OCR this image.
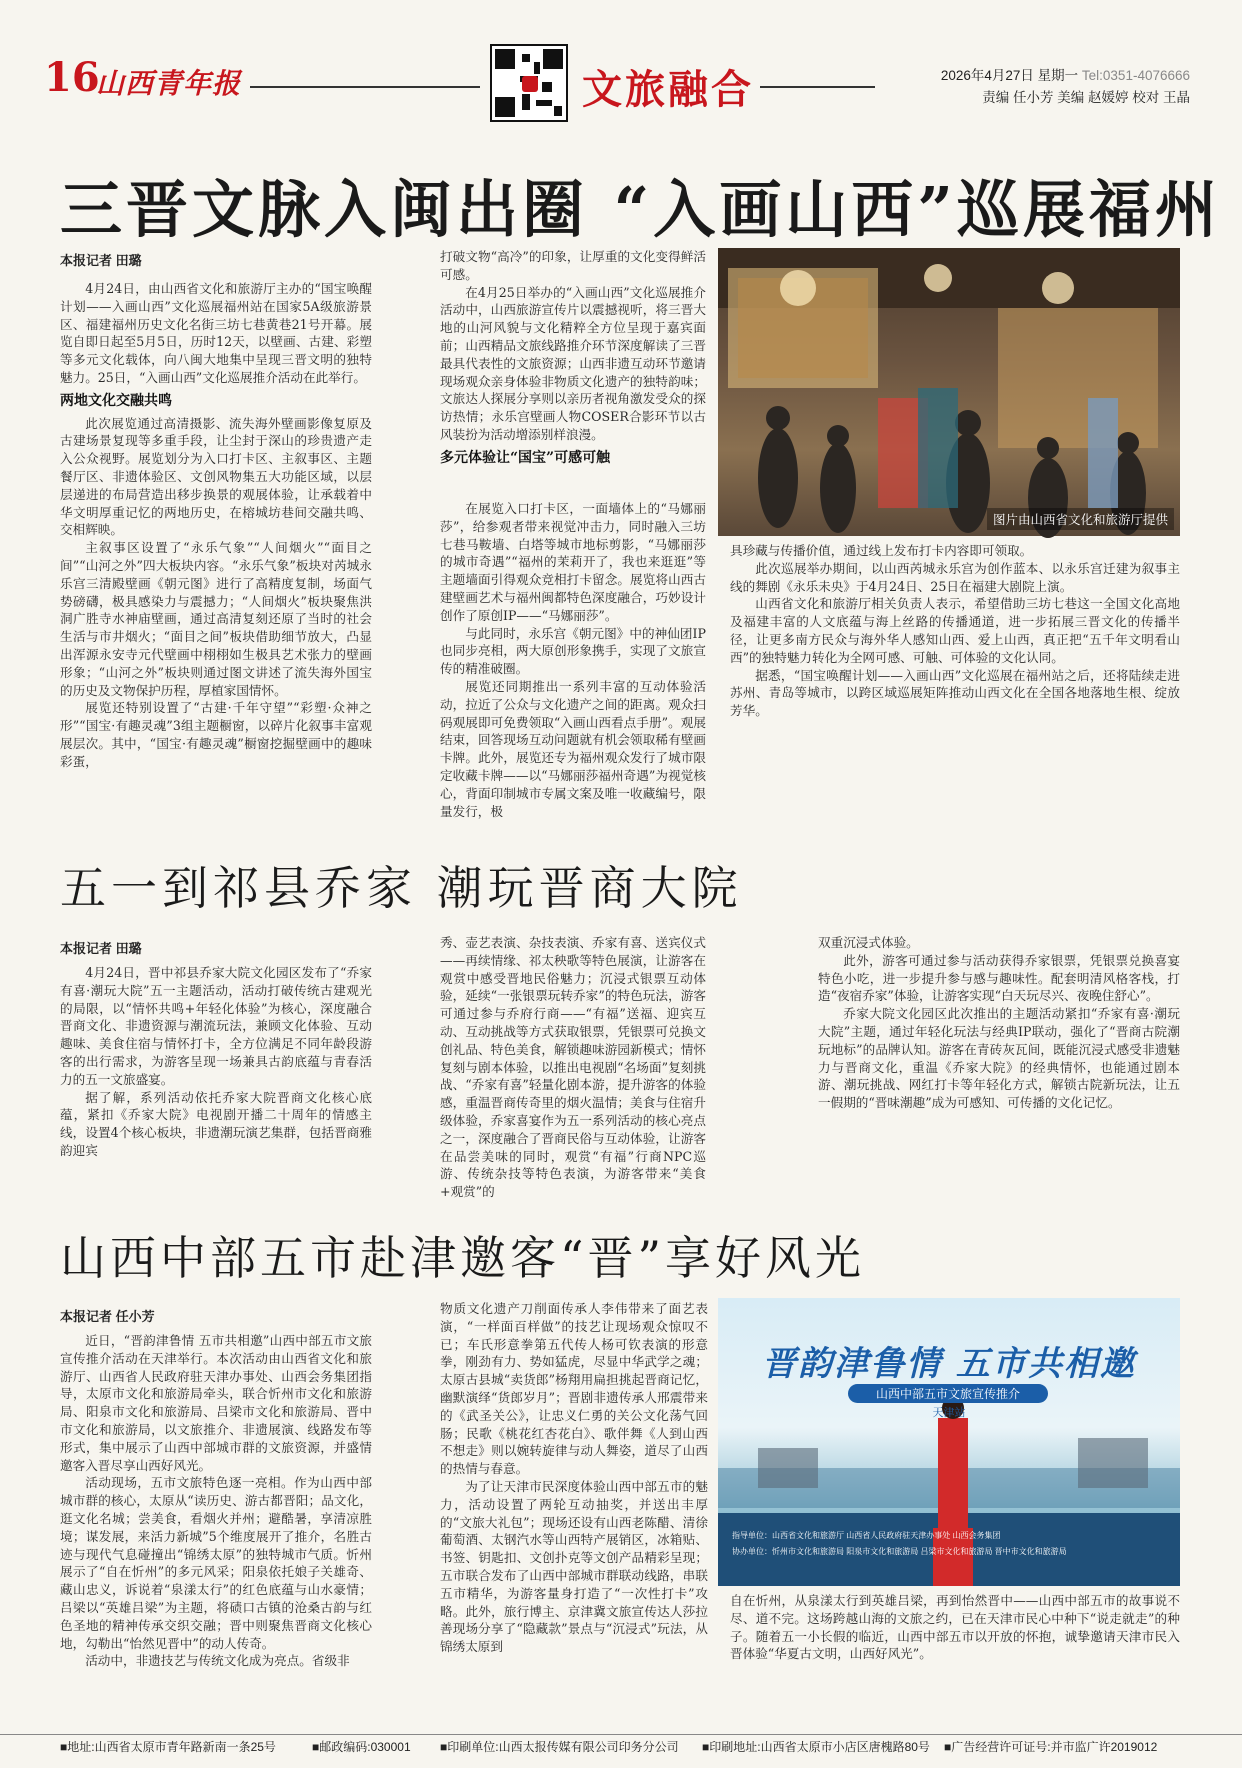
16
山西青年报	文旅融合	2026年4月27日 星期一 Tel:0351-4076666
责编 任小芳 美编 赵媛婷 校对 王晶
三晋文脉入闽出圈 “入画山西”巡展福州
本报记者 田璐

4月24日，由山西省文化和旅游厅主办的“国宝唤醒计划——入画山西”文化巡展福州站在国家5A级旅游景区、福建福州历史文化名街三坊七巷黄巷21号开幕。展览自即日起至5月5日，历时12天，以壁画、古建、彩塑等多元文化载体，向八闽大地集中呈现三晋文明的独特魅力。25日，“入画山西”文化巡展推介活动在此举行。

两地文化交融共鸣

此次展览通过高清摄影、流失海外壁画影像复原及古建场景复现等多重手段，让尘封于深山的珍贵遗产走入公众视野。展览划分为入口打卡区、主叙事区、主题餐厅区、非遗体验区、文创风物集五大功能区域，以层层递进的布局营造出移步换景的观展体验，让承载着中华文明厚重记忆的两地历史，在榕城坊巷间交融共鸣、交相辉映。

主叙事区设置了“永乐气象”“人间烟火”“面目之间”“山河之外”四大板块内容。“永乐气象”板块对芮城永乐宫三清殿壁画《朝元图》进行了高精度复制，场面气势磅礴，极具感染力与震撼力；“人间烟火”板块聚焦洪洞广胜寺水神庙壁画，通过高清复刻还原了当时的社会生活与市井烟火；“面目之间”板块借助细节放大，凸显出浑源永安寺元代壁画中栩栩如生极具艺术张力的壁画形象；“山河之外”板块则通过图文讲述了流失海外国宝的历史及文物保护历程，厚植家国情怀。

展览还特别设置了“古建·千年守望”“彩塑·众神之形”“国宝·有趣灵魂”3组主题橱窗，以碎片化叙事丰富观展层次。其中，“国宝·有趣灵魂”橱窗挖掘壁画中的趣味彩蛋，

打破文物“高冷”的印象，让厚重的文化变得鲜活可感。

在4月25日举办的“入画山西”文化巡展推介活动中，山西旅游宣传片以震撼视听，将三晋大地的山河风貌与文化精粹全方位呈现于嘉宾面前；山西精品文旅线路推介环节深度解读了三晋最具代表性的文旅资源；山西非遗互动环节邀请现场观众亲身体验非物质文化遗产的独特韵味；文旅达人探展分享则以亲历者视角激发受众的探访热情；永乐宫壁画人物COSER合影环节以古风装扮为活动增添别样浪漫。

多元体验让“国宝”可感可触
图片由山西省文化和旅游厅提供

在展览入口打卡区，一面墙体上的“马娜丽莎”，给参观者带来视觉冲击力，同时融入三坊七巷马鞍墙、白塔等城市地标剪影，“马娜丽莎的城市奇遇”“福州的茉莉开了，我也来逛逛”等主题墙面引得观众竞相打卡留念。展览将山西古建壁画艺术与福州闽都特色深度融合，巧妙设计创作了原创IP——“马娜丽莎”。

与此同时，永乐宫《朝元图》中的神仙团IP也同步亮相，两大原创形象携手，实现了文旅宣传的精准破圈。

展览还同期推出一系列丰富的互动体验活动，拉近了公众与文化遗产之间的距离。观众扫码观展即可免费领取“入画山西看点手册”。观展结束，回答现场互动问题就有机会领取稀有壁画卡牌。此外，展览还专为福州观众发行了城市限定收藏卡牌——以“马娜丽莎福州奇遇”为视觉核心，背面印制城市专属文案及唯一收藏编号，限量发行，极

具珍藏与传播价值，通过线上发布打卡内容即可领取。

此次巡展举办期间，以山西芮城永乐宫为创作蓝本、以永乐宫迁建为叙事主线的舞剧《永乐未央》于4月24日、25日在福建大剧院上演。

山西省文化和旅游厅相关负责人表示，希望借助三坊七巷这一全国文化高地及福建丰富的人文底蕴与海上丝路的传播通道，进一步拓展三晋文化的传播半径，让更多南方民众与海外华人感知山西、爱上山西，真正把“五千年文明看山西”的独特魅力转化为全网可感、可触、可体验的文化认同。

据悉，“国宝唤醒计划——入画山西”文化巡展在福州站之后，还将陆续走进苏州、青岛等城市，以跨区域巡展矩阵推动山西文化在全国各地落地生根、绽放芳华。

五一到祁县乔家 潮玩晋商大院
本报记者 田璐

4月24日，晋中祁县乔家大院文化园区发布了“乔家有喜·潮玩大院”五一主题活动，活动打破传统古建观光的局限，以“情怀共鸣+年轻化体验”为核心，深度融合晋商文化、非遗资源与潮流玩法，兼顾文化体验、互动趣味、美食住宿与情怀打卡，全方位满足不同年龄段游客的出行需求，为游客呈现一场兼具古韵底蕴与青春活力的五一文旅盛宴。

据了解，系列活动依托乔家大院晋商文化核心底蕴，紧扣《乔家大院》电视剧开播二十周年的情感主线，设置4个核心板块，非遗潮玩演艺集群，包括晋商雅韵迎宾

秀、壶艺表演、杂技表演、乔家有喜、送宾仪式——再续情缘、祁太秧歌等特色展演，让游客在观赏中感受晋地民俗魅力；沉浸式银票互动体验，延续“一张银票玩转乔家”的特色玩法，游客可通过参与乔府行商——“有福”送福、迎宾互动、互动挑战等方式获取银票，凭银票可兑换文创礼品、特色美食，解锁趣味游园新模式；情怀复刻与剧本体验，以推出电视剧“名场面”复刻挑战、“乔家有喜”轻量化剧本游，提升游客的体验感，重温晋商传奇里的烟火温情；美食与住宿升级体验，乔家喜宴作为五一系列活动的核心亮点之一，深度融合了晋商民俗与互动体验，让游客在品尝美味的同时，观赏“有福”行商NPC巡游、传统杂技等特色表演，为游客带来“美食+观赏”的

双重沉浸式体验。

此外，游客可通过参与活动获得乔家银票，凭银票兑换喜宴特色小吃，进一步提升参与感与趣味性。配套明清风格客栈，打造“夜宿乔家”体验，让游客实现“白天玩尽兴、夜晚住舒心”。

乔家大院文化园区此次推出的主题活动紧扣“乔家有喜·潮玩大院”主题，通过年轻化玩法与经典IP联动，强化了“晋商古院潮玩地标”的品牌认知。游客在青砖灰瓦间，既能沉浸式感受非遗魅力与晋商文化，重温《乔家大院》的经典情怀，也能通过剧本游、潮玩挑战、网红打卡等年轻化方式，解锁古院新玩法，让五一假期的“晋味潮趣”成为可感知、可传播的文化记忆。

山西中部五市赴津邀客“晋”享好风光
本报记者 任小芳

近日，“晋韵津鲁情 五市共相邀”山西中部五市文旅宣传推介活动在天津举行。本次活动由山西省文化和旅游厅、山西省人民政府驻天津办事处、山西会务集团指导，太原市文化和旅游局牵头，联合忻州市文化和旅游局、阳泉市文化和旅游局、吕梁市文化和旅游局、晋中市文化和旅游局，以文旅推介、非遗展演、线路发布等形式，集中展示了山西中部城市群的文旅资源，并盛情邀客入晋尽享山西好风光。

活动现场，五市文旅特色逐一亮相。作为山西中部城市群的核心，太原从“读历史、游古都晋阳；品文化，逛文化名城；尝美食，看烟火并州；避酷暑，享清凉胜境；谋发展，来活力新城”5个维度展开了推介，名胜古迹与现代气息碰撞出“锦绣太原”的独特城市气质。忻州展示了“自在忻州”的多元风采；阳泉依托娘子关雄奇、藏山忠义，诉说着“泉漾太行”的红色底蕴与山水豪情；吕梁以“英雄吕梁”为主题，将碛口古镇的沧桑古韵与红色圣地的精神传承交织交融；晋中则聚焦晋商文化核心地，勾勒出“怡然见晋中”的动人传奇。

活动中，非遗技艺与传统文化成为亮点。省级非

物质文化遗产刀削面传承人李伟带来了面艺表演，“一样面百样做”的技艺让现场观众惊叹不已；车氏形意拳第五代传人杨可钦表演的形意拳，刚劲有力、势如猛虎，尽显中华武学之魂；太原古县城“卖货郎”杨翔用扁担挑起晋商记忆，幽默演绎“货郎岁月”；晋剧非遗传承人邢震带来的《武圣关公》，让忠义仁勇的关公文化荡气回肠；民歌《桃花红杏花白》、歌伴舞《人到山西不想走》则以婉转旋律与动人舞姿，道尽了山西的热情与春意。

为了让天津市民深度体验山西中部五市的魅力，活动设置了两轮互动抽奖，并送出丰厚的“文旅大礼包”；现场还设有山西老陈醋、清徐葡萄酒、太钢汽水等山西特产展销区，冰箱贴、书签、钥匙扣、文创扑克等文创产品精彩呈现；五市联合发布了山西中部城市群联动线路，串联五市精华，为游客量身打造了“一次性打卡”攻略。此外，旅行博主、京津冀文旅宣传达人莎拉善现场分享了“隐藏款”景点与“沉浸式”玩法，从锦绣太原到

晋韵津鲁情 五市共相邀
山西中部五市文旅宣传推介
天津站
指导单位：山西省文化和旅游厅 山西省人民政府驻天津办事处 山西会务集团
协办单位：忻州市文化和旅游局 阳泉市文化和旅游局 吕梁市文化和旅游局 晋中市文化和旅游局

自在忻州，从泉漾太行到英雄吕梁，再到怡然晋中——山西中部五市的故事说不尽、道不完。这场跨越山海的文旅之约，已在天津市民心中种下“说走就走”的种子。随着五一小长假的临近，山西中部五市以开放的怀抱，诚挚邀请天津市民入晋体验“华夏古文明，山西好风光”。

■地址:山西省太原市青年路新南一条25号	■邮政编码:030001 ■印刷单位:山西太报传媒有限公司印务分公司 ■印刷地址:山西省太原市小店区唐槐路80号 ■广告经营许可证号:并市监广许2019012
